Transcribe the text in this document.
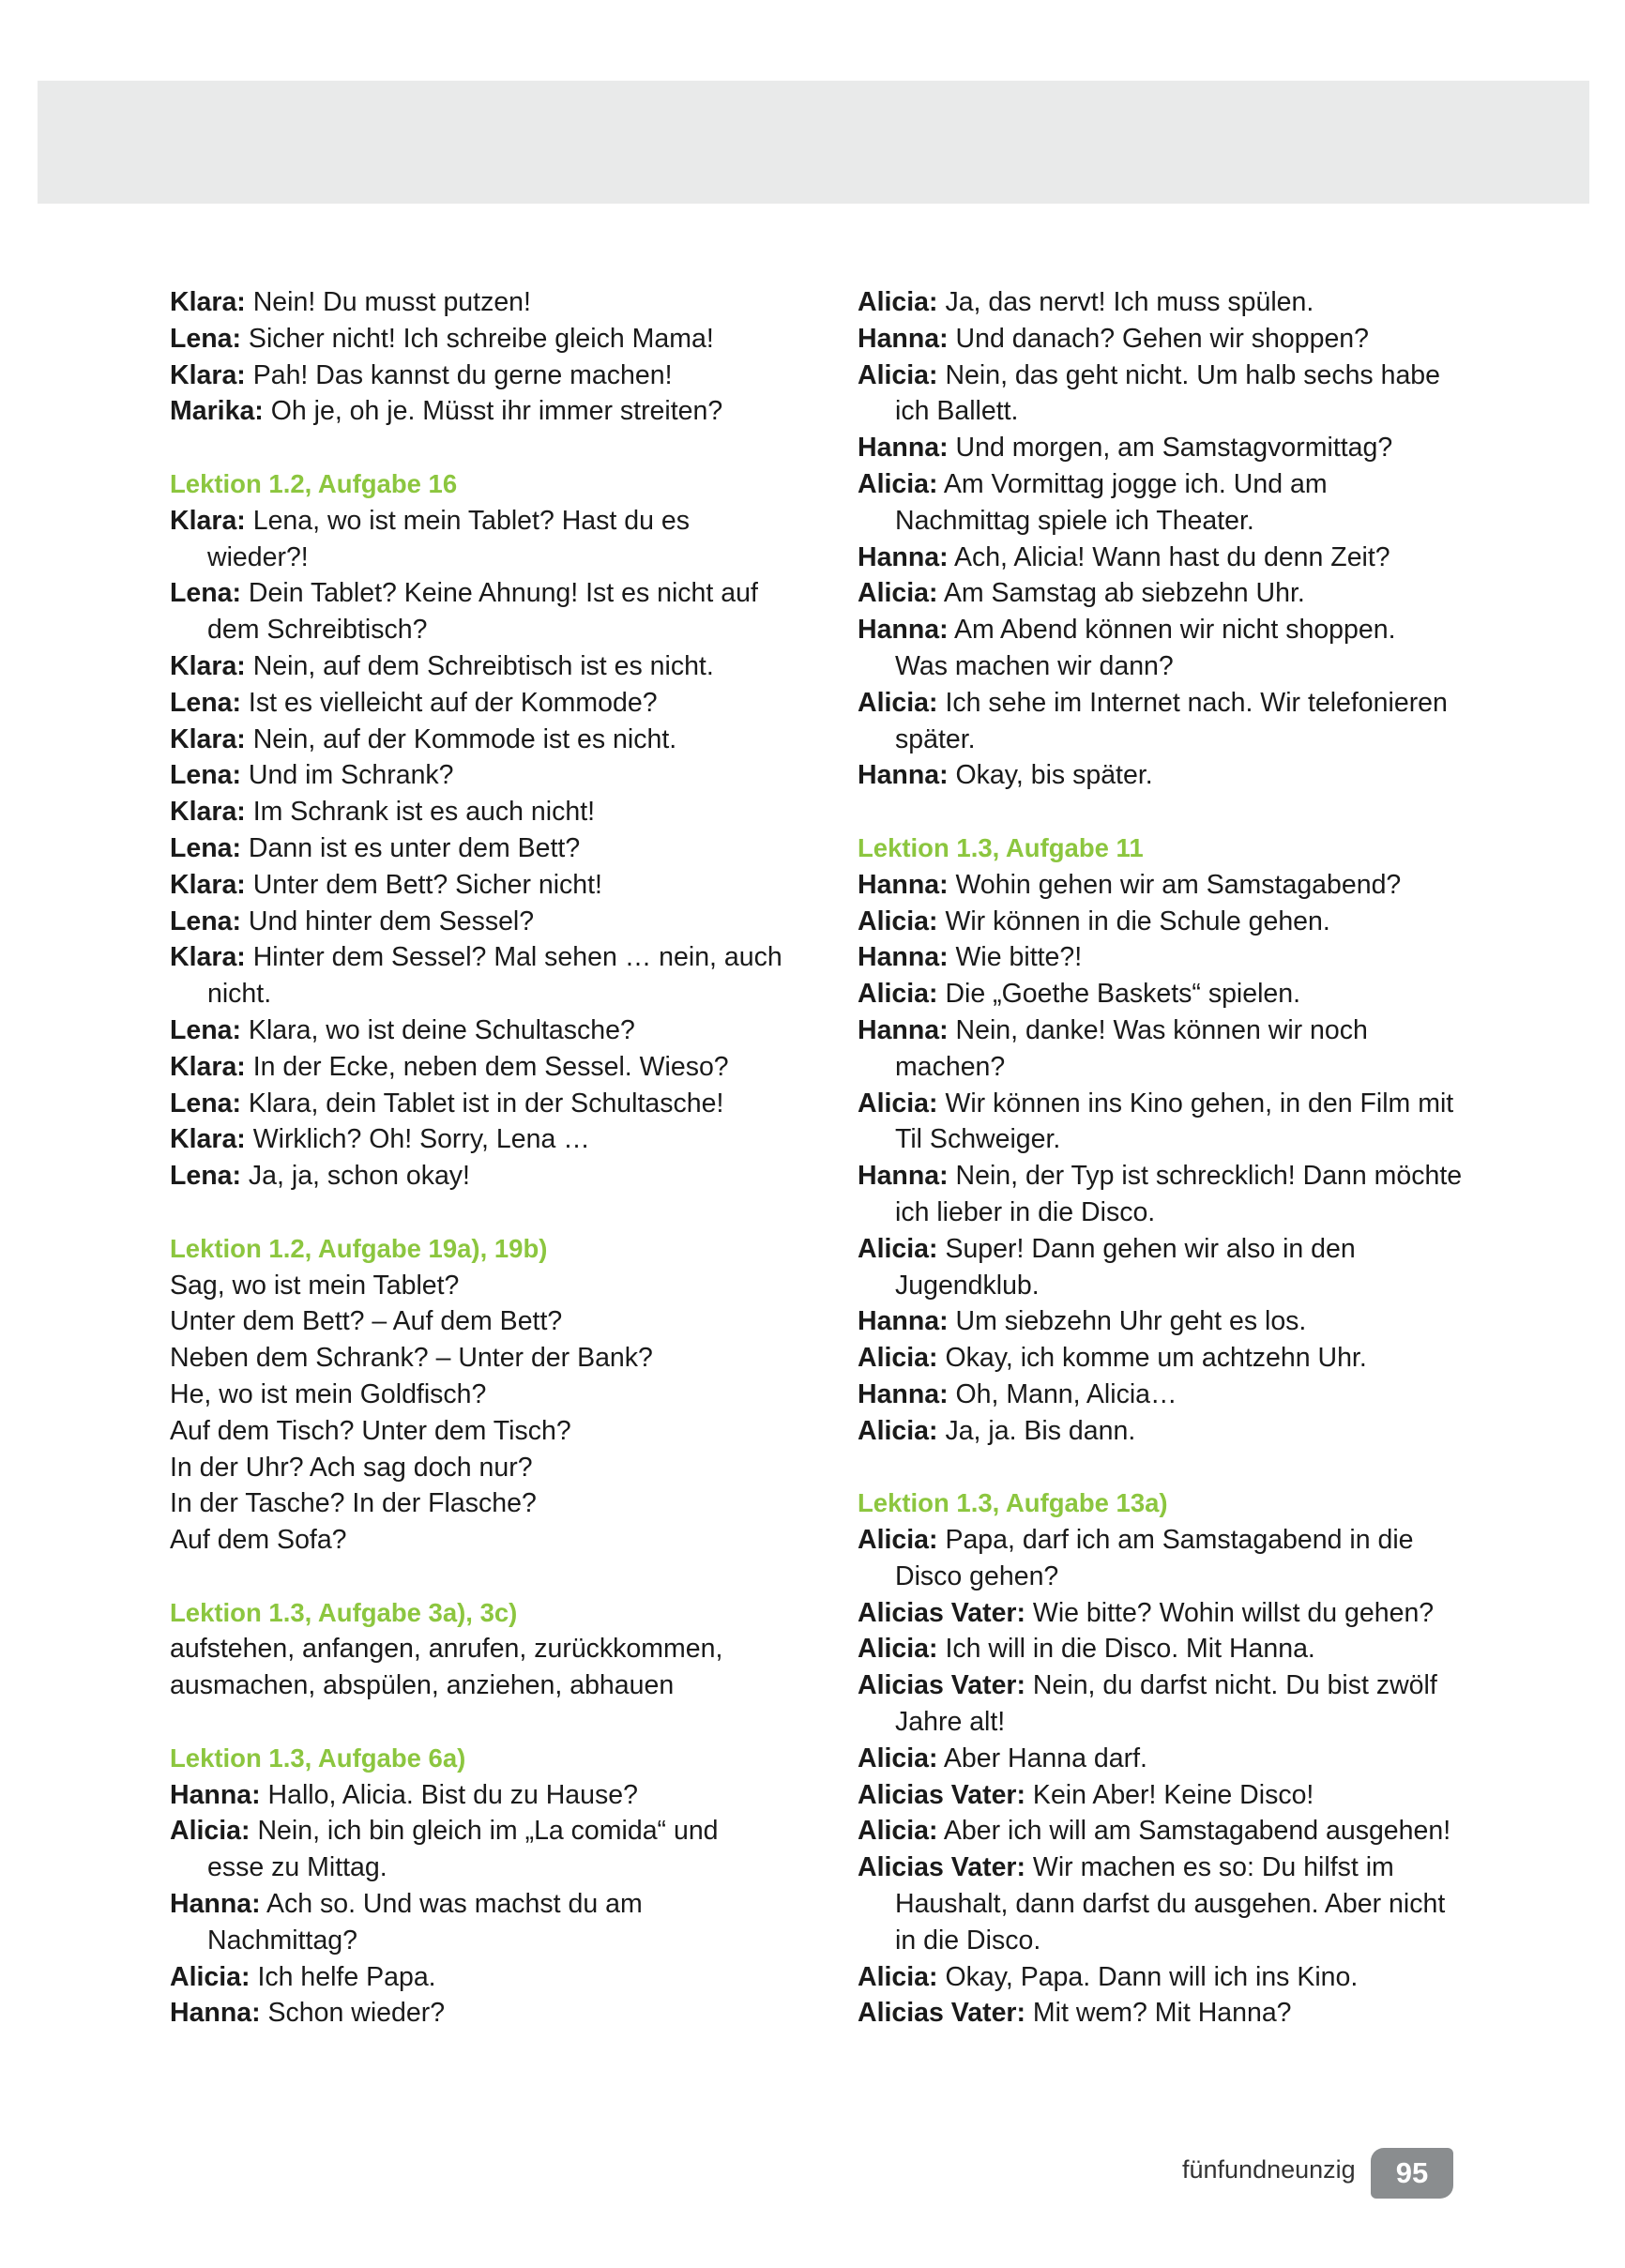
Klara: Nein! Du musst putzen!
Lena: Sicher nicht! Ich schreibe gleich Mama!
Klara: Pah! Das kannst du gerne machen!
Marika: Oh je, oh je. Müsst ihr immer streiten?
Lektion 1.2, Aufgabe 16
Klara: Lena, wo ist mein Tablet? Hast du es
wieder?!
Lena: Dein Tablet? Keine Ahnung! Ist es nicht auf
dem Schreibtisch?
Klara: Nein, auf dem Schreibtisch ist es nicht.
Lena: Ist es vielleicht auf der Kommode?
Klara: Nein, auf der Kommode ist es nicht.
Lena: Und im Schrank?
Klara: Im Schrank ist es auch nicht!
Lena: Dann ist es unter dem Bett?
Klara: Unter dem Bett? Sicher nicht!
Lena: Und hinter dem Sessel?
Klara: Hinter dem Sessel? Mal sehen … nein, auch
nicht.
Lena: Klara, wo ist deine Schultasche?
Klara: In der Ecke, neben dem Sessel. Wieso?
Lena: Klara, dein Tablet ist in der Schultasche!
Klara: Wirklich? Oh! Sorry, Lena …
Lena: Ja, ja, schon okay!
Lektion 1.2, Aufgabe 19a), 19b)
Sag, wo ist mein Tablet?
Unter dem Bett? – Auf dem Bett?
Neben dem Schrank? – Unter der Bank?
He, wo ist mein Goldfisch?
Auf dem Tisch? Unter dem Tisch?
In der Uhr? Ach sag doch nur?
In der Tasche? In der Flasche?
Auf dem Sofa?
Lektion 1.3, Aufgabe 3a), 3c)
aufstehen, anfangen, anrufen, zurückkommen,
ausmachen, abspülen, anziehen, abhauen
Lektion 1.3, Aufgabe 6a)
Hanna: Hallo, Alicia. Bist du zu Hause?
Alicia: Nein, ich bin gleich im „La comida“ und
esse zu Mittag.
Hanna: Ach so. Und was machst du am
Nachmittag?
Alicia: Ich helfe Papa.
Hanna: Schon wieder?
Alicia: Ja, das nervt! Ich muss spülen.
Hanna: Und danach? Gehen wir shoppen?
Alicia: Nein, das geht nicht. Um halb sechs habe
ich Ballett.
Hanna: Und morgen, am Samstagvormittag?
Alicia: Am Vormittag jogge ich. Und am
Nachmittag spiele ich Theater.
Hanna: Ach, Alicia! Wann hast du denn Zeit?
Alicia: Am Samstag ab siebzehn Uhr.
Hanna: Am Abend können wir nicht shoppen.
Was machen wir dann?
Alicia: Ich sehe im Internet nach. Wir telefonieren
später.
Hanna: Okay, bis später.
Lektion 1.3, Aufgabe 11
Hanna: Wohin gehen wir am Samstagabend?
Alicia: Wir können in die Schule gehen.
Hanna: Wie bitte?!
Alicia: Die „Goethe Baskets“ spielen.
Hanna: Nein, danke! Was können wir noch
machen?
Alicia: Wir können ins Kino gehen, in den Film mit
Til Schweiger.
Hanna: Nein, der Typ ist schrecklich! Dann möchte
ich lieber in die Disco.
Alicia: Super! Dann gehen wir also in den
Jugendklub.
Hanna: Um siebzehn Uhr geht es los.
Alicia: Okay, ich komme um achtzehn Uhr.
Hanna: Oh, Mann, Alicia…
Alicia: Ja, ja. Bis dann.
Lektion 1.3, Aufgabe 13a)
Alicia: Papa, darf ich am Samstagabend in die
Disco gehen?
Alicias Vater: Wie bitte? Wohin willst du gehen?
Alicia: Ich will in die Disco. Mit Hanna.
Alicias Vater: Nein, du darfst nicht. Du bist zwölf
Jahre alt!
Alicia: Aber Hanna darf.
Alicias Vater: Kein Aber! Keine Disco!
Alicia: Aber ich will am Samstagabend ausgehen!
Alicias Vater: Wir machen es so: Du hilfst im
Haushalt, dann darfst du ausgehen. Aber nicht
in die Disco.
Alicia: Okay, Papa. Dann will ich ins Kino.
Alicias Vater: Mit wem? Mit Hanna?
fünfundneunzig	95
